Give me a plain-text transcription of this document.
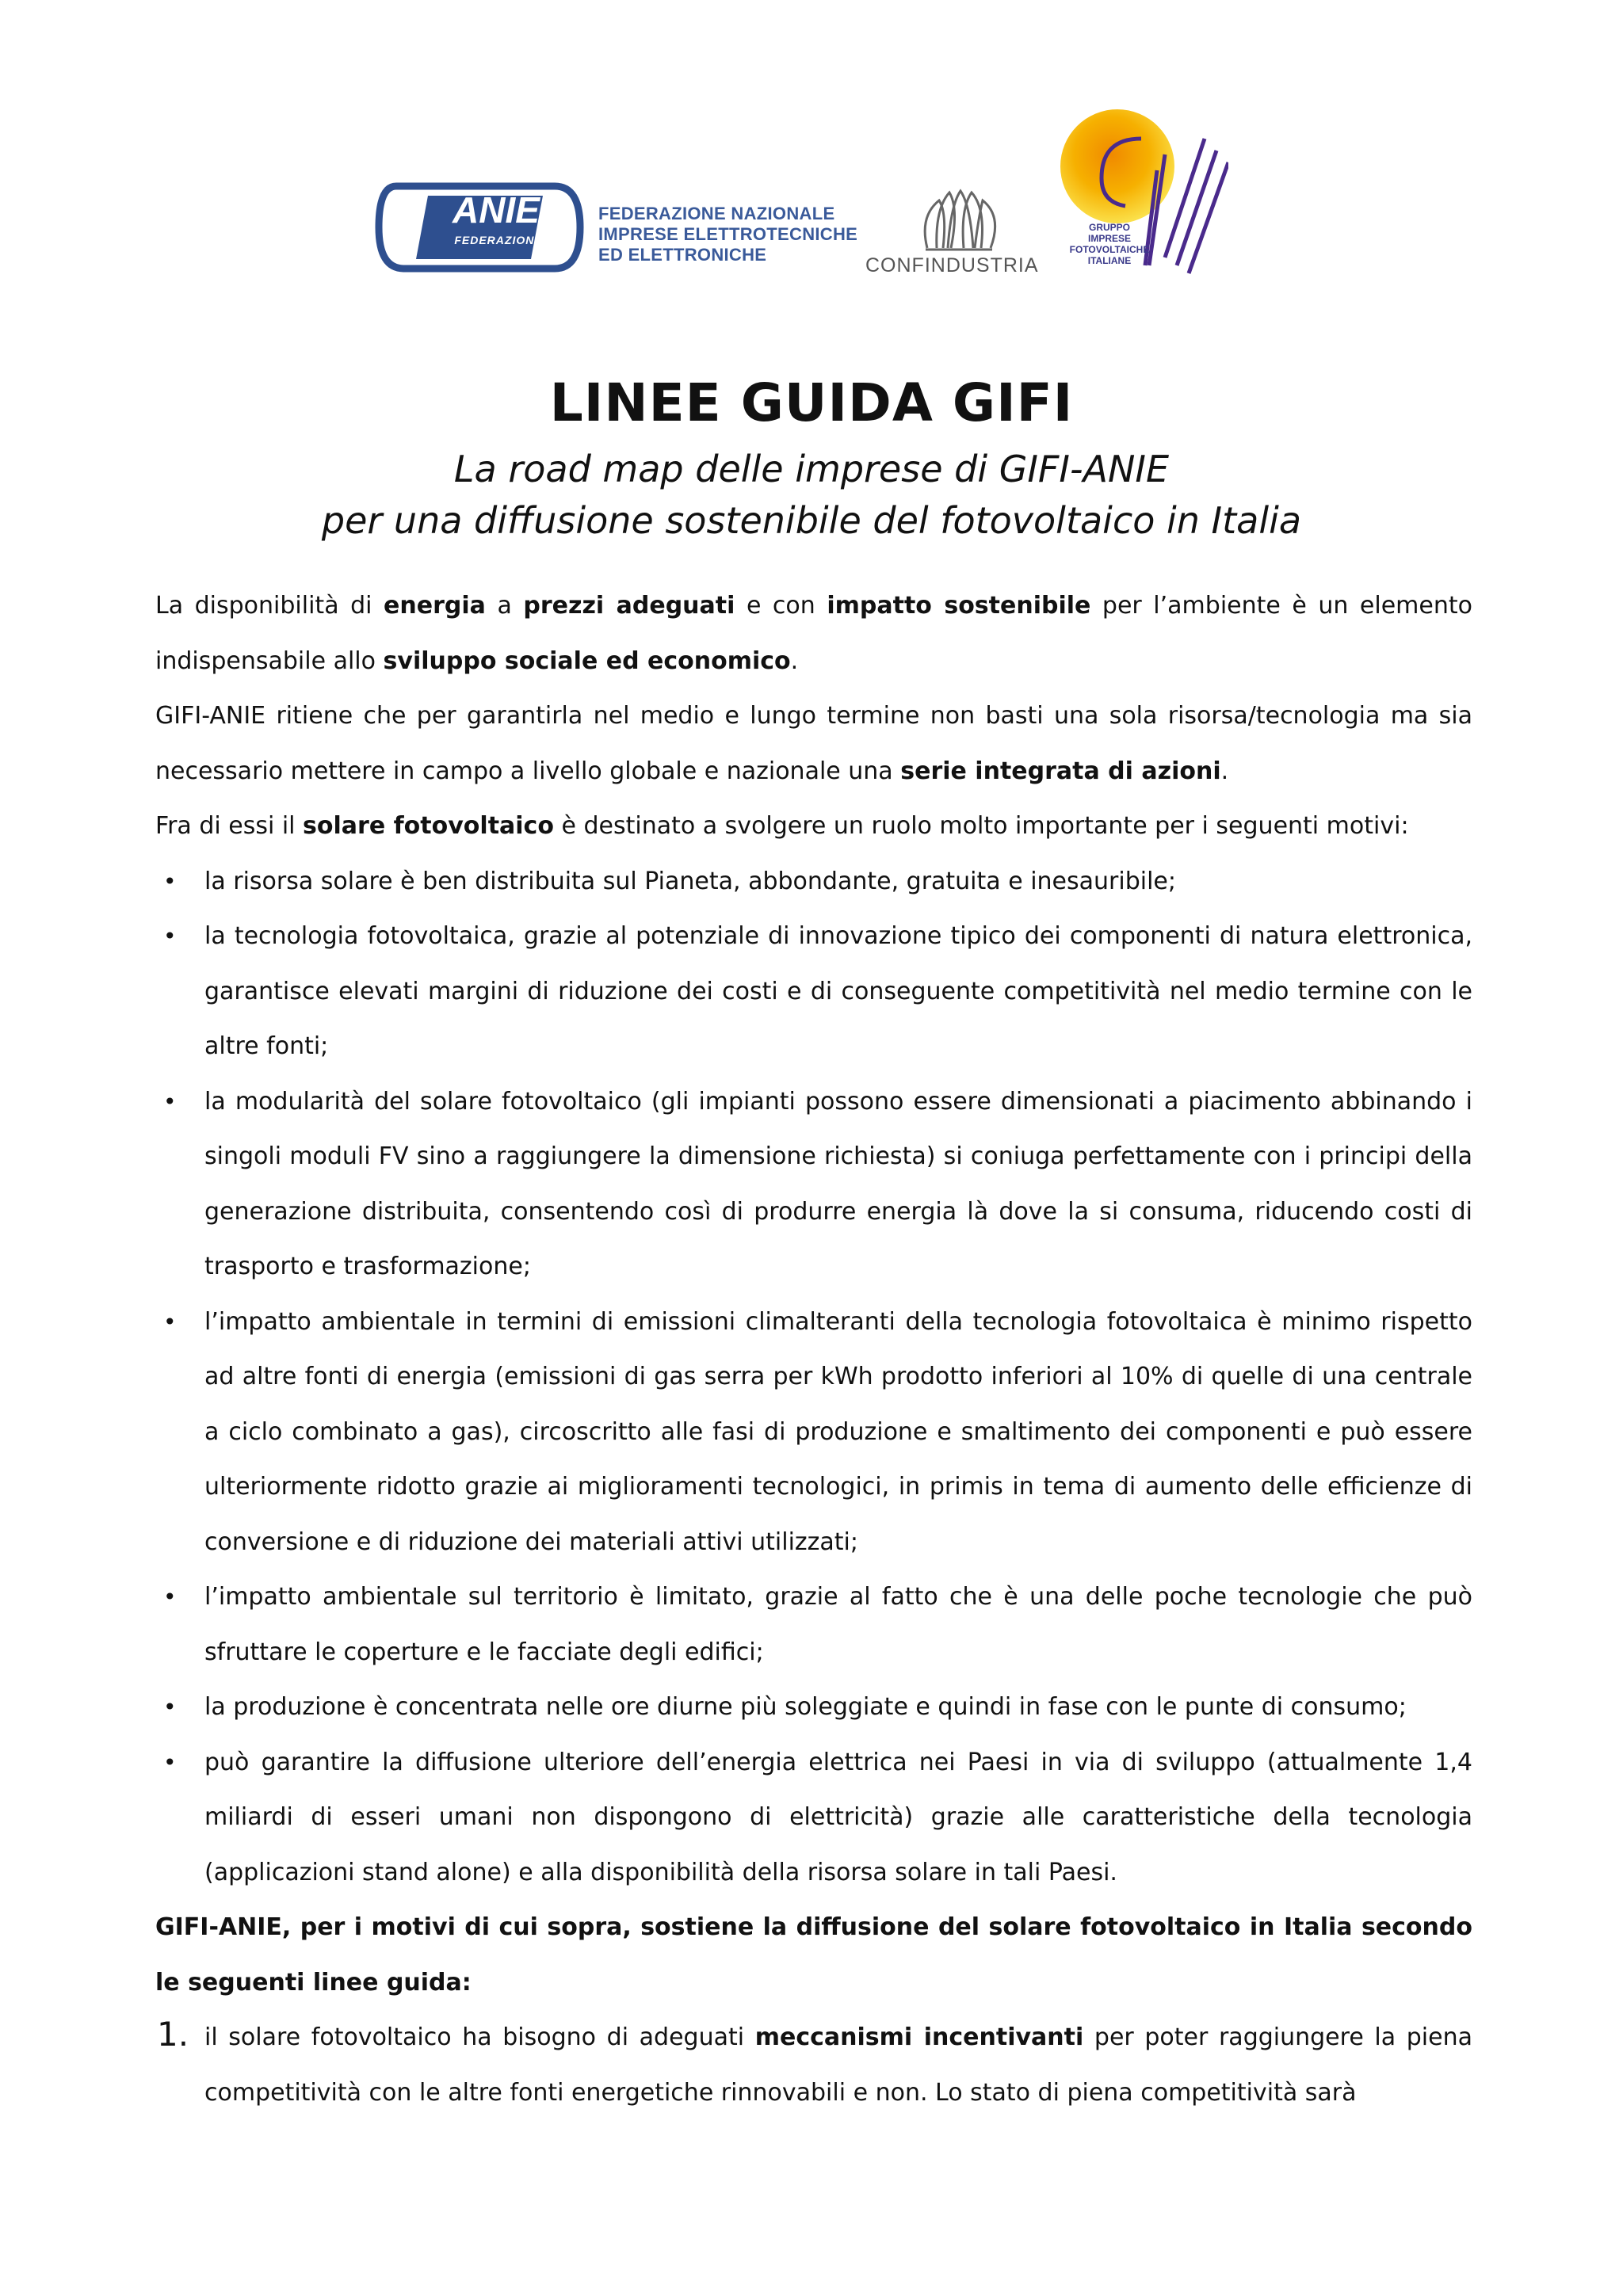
ANIE
FEDERAZIONE
FEDERAZIONE NAZIONALE
IMPRESE ELETTROTECNICHE
ED ELETTRONICHE	CONFINDUSTRIA
GRUPPO
IMPRESE
FOTOVOLTAICHE
ITALIANE
LINEE GUIDA GIFI
La road map delle imprese di GIFI-ANIE
per una diffusione sostenibile del fotovoltaico in Italia

La disponibilità di energia a prezzi adeguati e con impatto sostenibile per l’ambiente è un elemento indispensabile allo sviluppo sociale ed economico.

GIFI-ANIE ritiene che per garantirla nel medio e lungo termine non basti una sola risorsa/tecnologia ma sia necessario mettere in campo a livello globale e nazionale una serie integrata di azioni.

Fra di essi il solare fotovoltaico è destinato a svolgere un ruolo molto importante per i seguenti motivi:

• la risorsa solare è ben distribuita sul Pianeta, abbondante, gratuita e inesauribile;
• la tecnologia fotovoltaica, grazie al potenziale di innovazione tipico dei componenti di natura elettronica, garantisce elevati margini di riduzione dei costi e di conseguente competitività nel medio termine con le altre fonti;
• la modularità del solare fotovoltaico (gli impianti possono essere dimensionati a piacimento abbinando i singoli moduli FV sino a raggiungere la dimensione richiesta) si coniuga perfettamente con i principi della generazione distribuita, consentendo così di produrre energia là dove la si consuma, riducendo costi di trasporto e trasformazione;
• l’impatto ambientale in termini di emissioni climalteranti della tecnologia fotovoltaica è minimo rispetto ad altre fonti di energia (emissioni di gas serra per kWh prodotto inferiori al 10% di quelle di una centrale a ciclo combinato a gas), circoscritto alle fasi di produzione e smaltimento dei componenti e può essere ulteriormente ridotto grazie ai miglioramenti tecnologici, in primis in tema di aumento delle efficienze di conversione e di riduzione dei materiali attivi utilizzati;
• l’impatto ambientale sul territorio è limitato, grazie al fatto che è una delle poche tecnologie che può sfruttare le coperture e le facciate degli edifici;
• la produzione è concentrata nelle ore diurne più soleggiate e quindi in fase con le punte di consumo;
• può garantire la diffusione ulteriore dell’energia elettrica nei Paesi in via di sviluppo (attualmente 1,4 miliardi di esseri umani non dispongono di elettricità) grazie alle caratteristiche della tecnologia (applicazioni stand alone) e alla disponibilità della risorsa solare in tali Paesi.

GIFI-ANIE, per i motivi di cui sopra, sostiene la diffusione del solare fotovoltaico in Italia secondo le seguenti linee guida:

1. il solare fotovoltaico ha bisogno di adeguati meccanismi incentivanti per poter raggiungere la piena competitività con le altre fonti energetiche rinnovabili e non. Lo stato di piena competitività sarà
